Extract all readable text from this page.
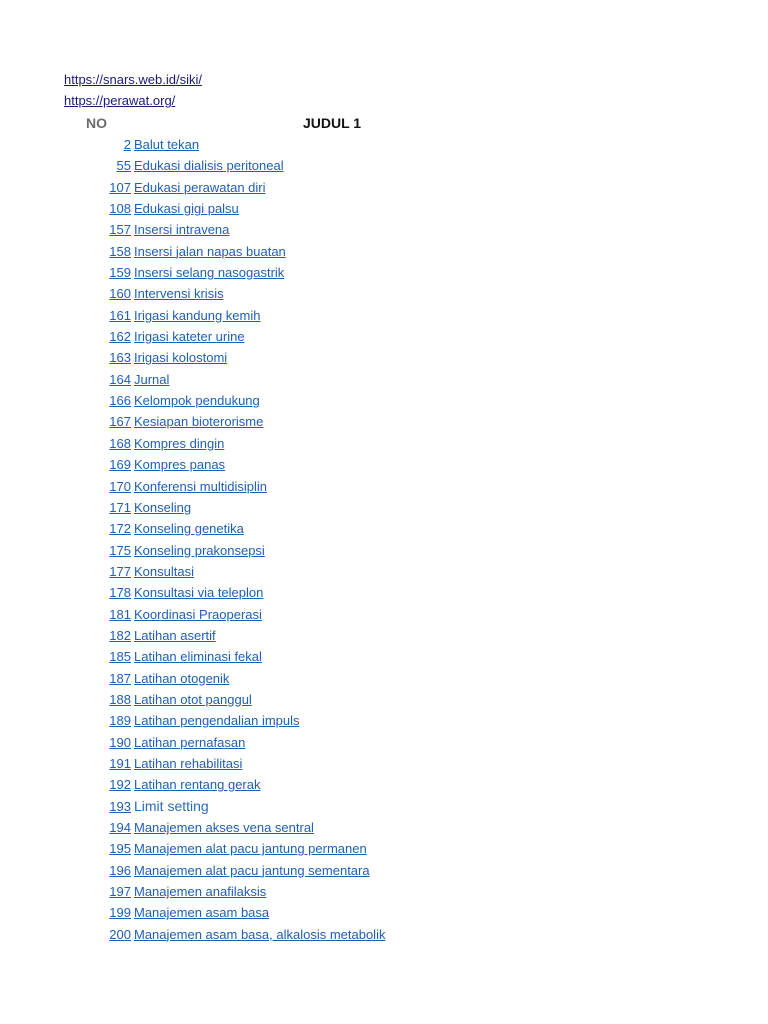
https://snars.web.id/siki/
https://perawat.org/
NO	JUDUL 1
2 Balut tekan
55 Edukasi dialisis peritoneal
107 Edukasi perawatan diri
108 Edukasi gigi palsu
157 Insersi intravena
158 Insersi jalan napas buatan
159 Insersi selang nasogastrik
160 Intervensi krisis
161 Irigasi kandung kemih
162 Irigasi kateter urine
163 Irigasi kolostomi
164 Jurnal
166 Kelompok pendukung
167 Kesiapan bioterorisme
168 Kompres dingin
169 Kompres panas
170 Konferensi multidisiplin
171 Konseling
172 Konseling genetika
175 Konseling prakonsepsi
177 Konsultasi
178 Konsultasi via teleplon
181 Koordinasi Praoperasi
182 Latihan asertif
185 Latihan eliminasi fekal
187 Latihan otogenik
188 Latihan otot panggul
189 Latihan pengendalian impuls
190 Latihan pernafasan
191 Latihan rehabilitasi
192 Latihan rentang gerak
193 Limit setting
194 Manajemen akses vena sentral
195 Manajemen alat pacu jantung permanen
196 Manajemen alat pacu jantung sementara
197 Manajemen anafilaksis
199 Manajemen asam basa
200 Manajemen asam basa, alkalosis metabolik
